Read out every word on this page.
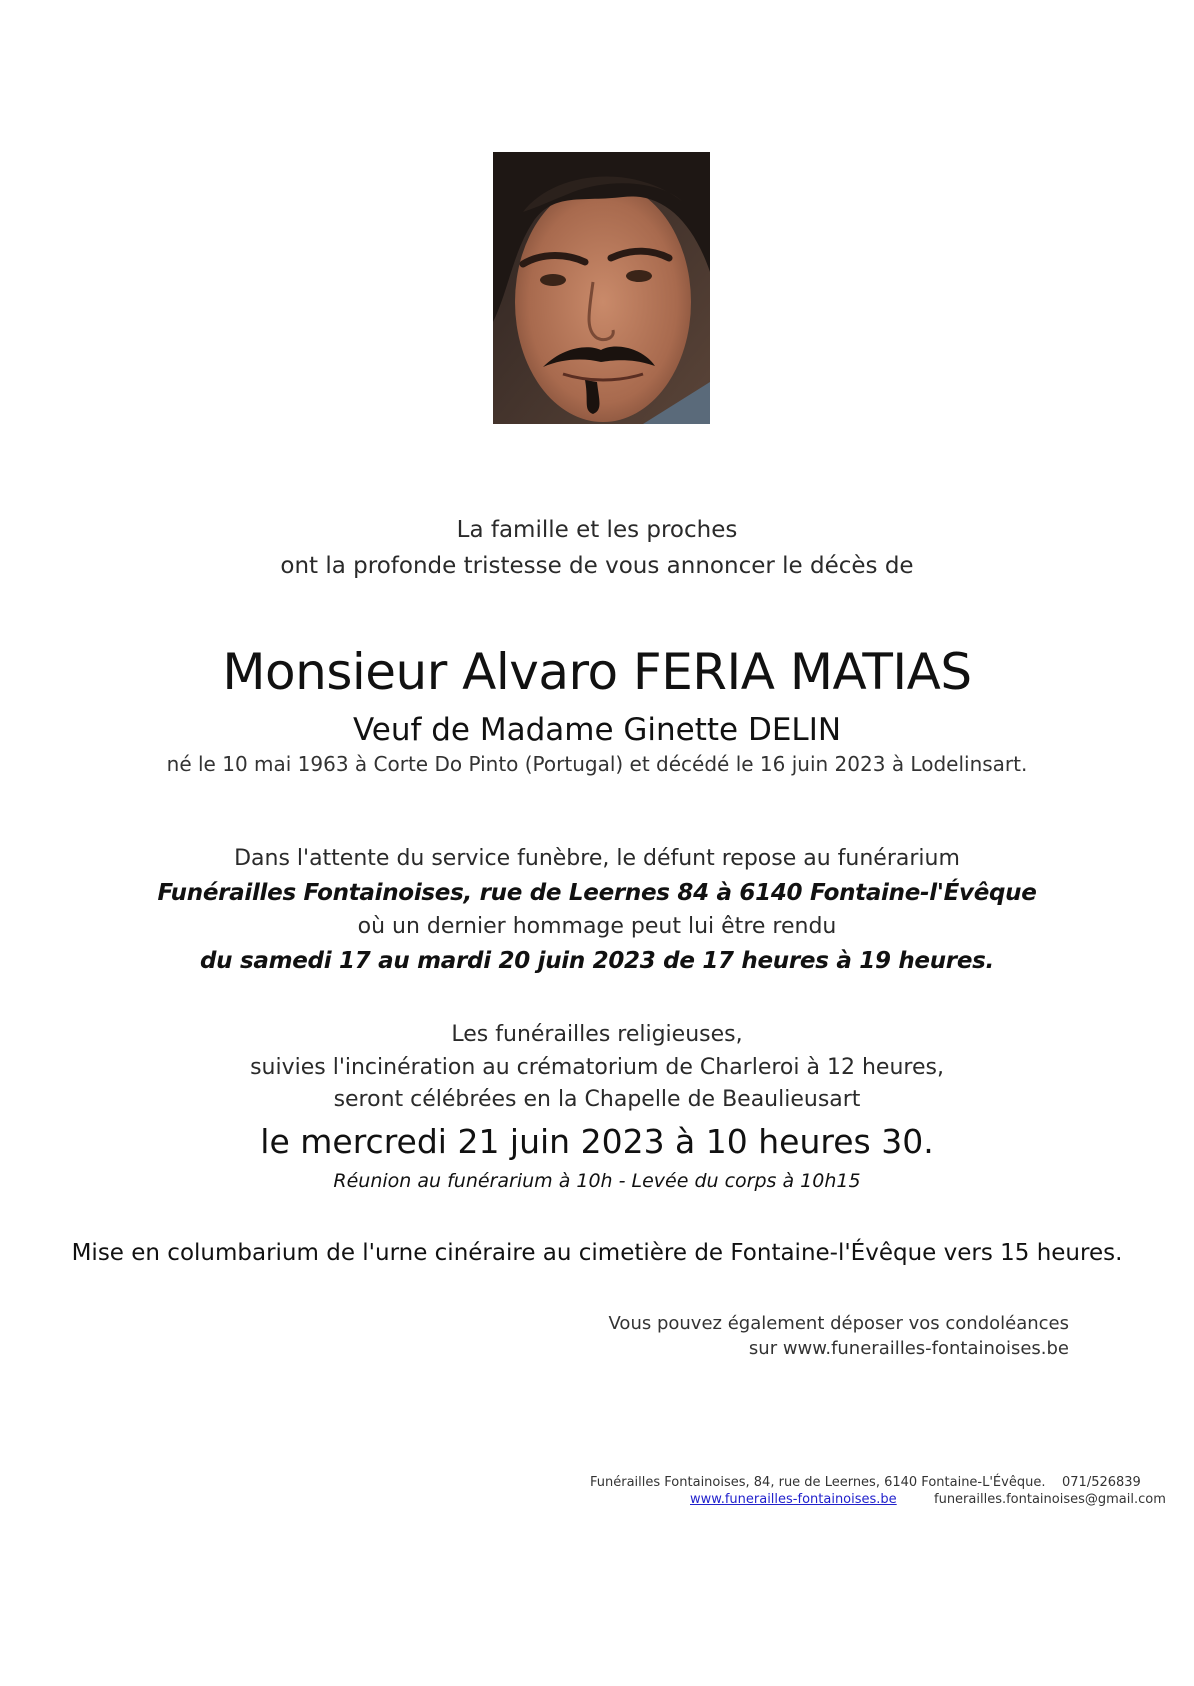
La famille et les proches
ont la profonde tristesse de vous annoncer le décès de
Monsieur Alvaro FERIA MATIAS
Veuf de Madame Ginette DELIN
né le 10 mai 1963 à Corte Do Pinto (Portugal) et décédé le 16 juin 2023 à Lodelinsart.
Dans l'attente du service funèbre, le défunt repose au funérarium
Funérailles Fontainoises, rue de Leernes 84 à 6140 Fontaine-l'Évêque
où un dernier hommage peut lui être rendu
du samedi 17 au mardi 20 juin 2023 de 17 heures à 19 heures.
Les funérailles religieuses,
suivies l'incinération au crématorium de Charleroi à 12 heures,
seront célébrées en la Chapelle de Beaulieusart
le mercredi 21 juin 2023 à 10 heures 30.
Réunion au funérarium à 10h - Levée du corps à 10h15
Mise en columbarium de l'urne cinéraire au cimetière de Fontaine-l'Évêque vers 15 heures.
Vous pouvez également déposer vos condoléances
sur www.funerailles-fontainoises.be
Funérailles Fontainoises, 84, rue de Leernes, 6140 Fontaine-L'Évêque. 071/526839
www.funerailles-fontainoises.be	funerailles.fontainoises@gmail.com
